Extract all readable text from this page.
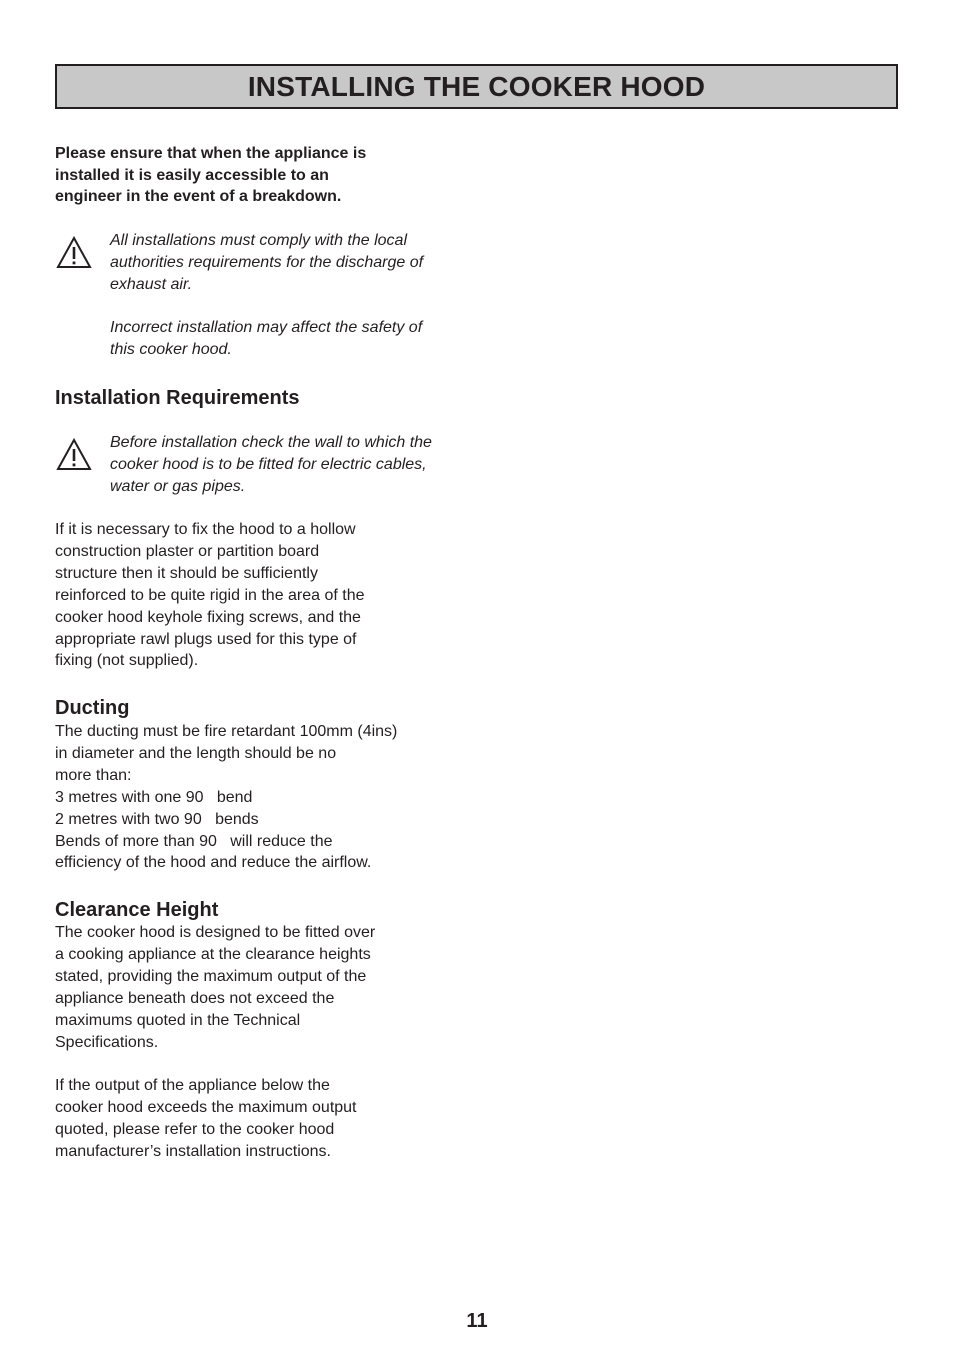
INSTALLING THE COOKER HOOD

Please ensure that when the appliance is
installed it is easily accessible to an
engineer in the event of a breakdown.

All installations must comply with the local
authorities requirements for the discharge of
exhaust air.

Incorrect installation may affect the safety of
this cooker hood.

Installation Requirements

Before installation check the wall to which the
cooker hood is to be fitted for electric cables,
water or gas pipes.

If it is necessary to fix the hood to a hollow
construction plaster or partition board
structure then it should be sufficiently
reinforced to be quite rigid in the area of the
cooker hood keyhole fixing screws, and the
appropriate rawl plugs used for this type of
fixing (not supplied).

Ducting

The ducting must be fire retardant 100mm (4ins)
in diameter and the length should be no
more than:
3 metres with one 90   bend
2 metres with two 90   bends
Bends of more than 90   will reduce the
efficiency of the hood and reduce the airflow.

Clearance Height

The cooker hood is designed to be fitted over
a cooking appliance at the clearance heights
stated, providing the maximum output of the
appliance beneath does not exceed the
maximums quoted in the Technical
Specifications.

If the output of the appliance below the
cooker hood exceeds the maximum output
quoted, please refer to the cooker hood
manufacturer’s installation instructions.

11
